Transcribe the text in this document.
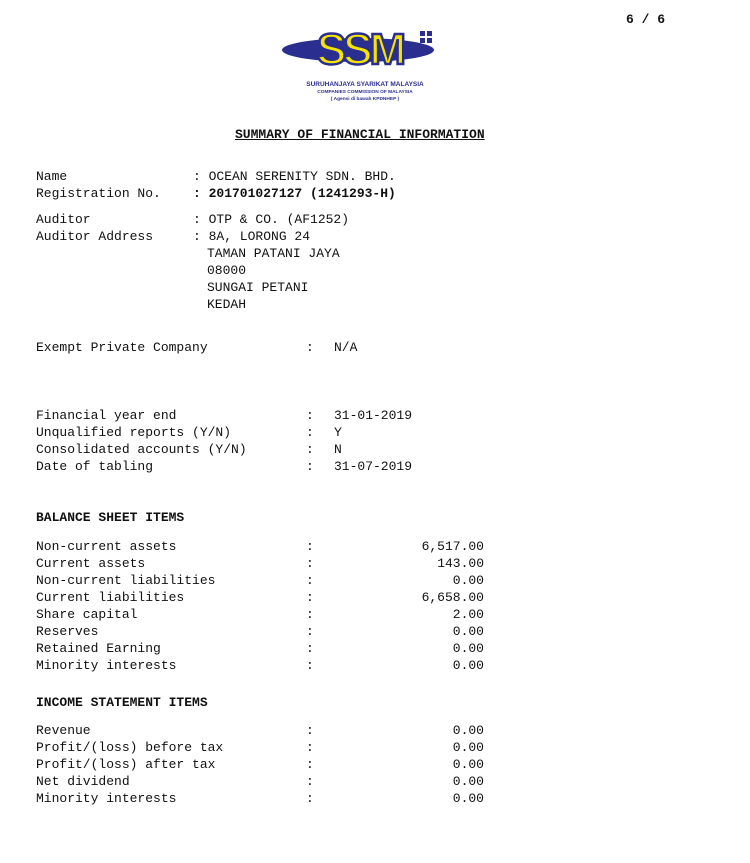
6 / 6
SSM
SURUHANJAYA SYARIKAT MALAYSIA
COMPANIES COMMISSION OF MALAYSIA
( Agensi di bawah KPDNHEP )
SUMMARY OF FINANCIAL INFORMATION
Name	: OCEAN SERENITY SDN. BHD.
Registration No. : 201701027127 (1241293-H)
Auditor	: OTP & CO. (AF1252)
Auditor Address	: 8A, LORONG 24
TAMAN PATANI JAYA
08000
SUNGAI PETANI
KEDAH
Exempt Private Company	: N/A
Financial year end	: 31-01-2019
Unqualified reports (Y/N)	: Y
Consolidated accounts (Y/N)	: N
Date of tabling	: 31-07-2019
BALANCE SHEET ITEMS
Non-current assets	:	6,517.00
Current assets	:	143.00
Non-current liabilities	:	0.00
Current liabilities	:	6,658.00
Share capital	:	2.00
Reserves	:	0.00
Retained Earning	:	0.00
Minority interests	:	0.00
INCOME STATEMENT ITEMS
Revenue	:	0.00
Profit/(loss) before tax	:	0.00
Profit/(loss) after tax	:	0.00
Net dividend	:	0.00
Minority interests	:	0.00
